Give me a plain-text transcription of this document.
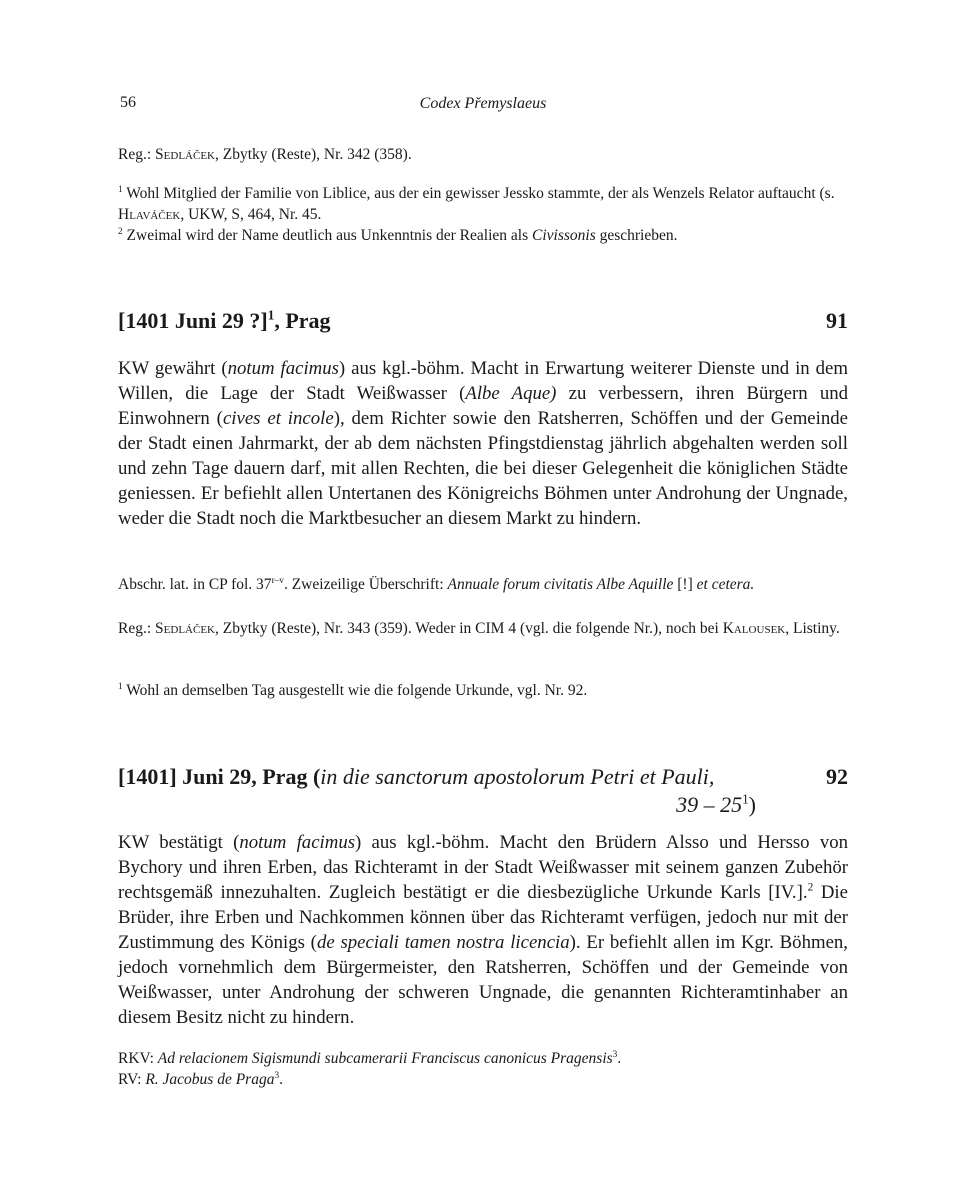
56	Codex Přemyslaeus

Reg.: Sedláček, Zbytky (Reste), Nr. 342 (358).

$^1$ Wohl Mitglied der Familie von Liblice, aus der ein gewisser Jessko stammte, der als Wenzels Relator auftaucht (s. Hlaváček, UKW, S, 464, Nr. 45.
$^2$ Zweimal wird der Name deutlich aus Unkenntnis der Realien als Civissonis geschrieben.
[1401 Juni 29 ?]$^1$, Prag	91

KW gewährt (notum facimus) aus kgl.-böhm. Macht in Erwartung weiterer Dienste und in dem Willen, die Lage der Stadt Weißwasser (Albe Aque) zu verbessern, ihren Bürgern und Einwohnern (cives et incole), dem Richter sowie den Ratsherren, Schöffen und der Gemeinde der Stadt einen Jahrmarkt, der ab dem nächsten Pfingstdienstag jährlich abgehalten werden soll und zehn Tage dauern darf, mit allen Rechten, die bei dieser Gelegenheit die königlichen Städte geniessen. Er befiehlt allen Untertanen des Königreichs Böhmen unter Androhung der Ungnade, weder die Stadt noch die Marktbesucher an diesem Markt zu hindern.

Abschr. lat. in CP fol. 37$^{r-v}$. Zweizeilige Überschrift: Annuale forum civitatis Albe Aquille [!] et cetera.

Reg.: Sedláček, Zbytky (Reste), Nr. 343 (359). Weder in CIM 4 (vgl. die folgende Nr.), noch bei Kalousek, Listiny.

$^1$ Wohl an demselben Tag ausgestellt wie die folgende Urkunde, vgl. Nr. 92.

[1401] Juni 29, Prag (in die sanctorum apostolorum Petri et Pauli,
$39 - 25^1$)
92

KW bestätigt (notum facimus) aus kgl.-böhm. Macht den Brüdern Alsso und Hersso von Bychory und ihren Erben, das Richteramt in der Stadt Weißwasser mit seinem ganzen Zubehör rechtsgemäß innezuhalten. Zugleich bestätigt er die diesbezügliche Urkunde Karls [IV.].$^2$ Die Brüder, ihre Erben und Nachkommen können über das Richteramt verfügen, jedoch nur mit der Zustimmung des Königs (de speciali tamen nostra licencia). Er befiehlt allen im Kgr. Böhmen, jedoch vornehmlich dem Bürgermeister, den Ratsherren, Schöffen und der Gemeinde von Weißwasser, unter Androhung der schweren Ungnade, die genannten Richteramtinhaber an diesem Besitz nicht zu hindern.

RKV: Ad relacionem Sigismundi subcamerarii Franciscus canonicus Pragensis$^3$.
RV: R. Jacobus de Praga$^3$.
